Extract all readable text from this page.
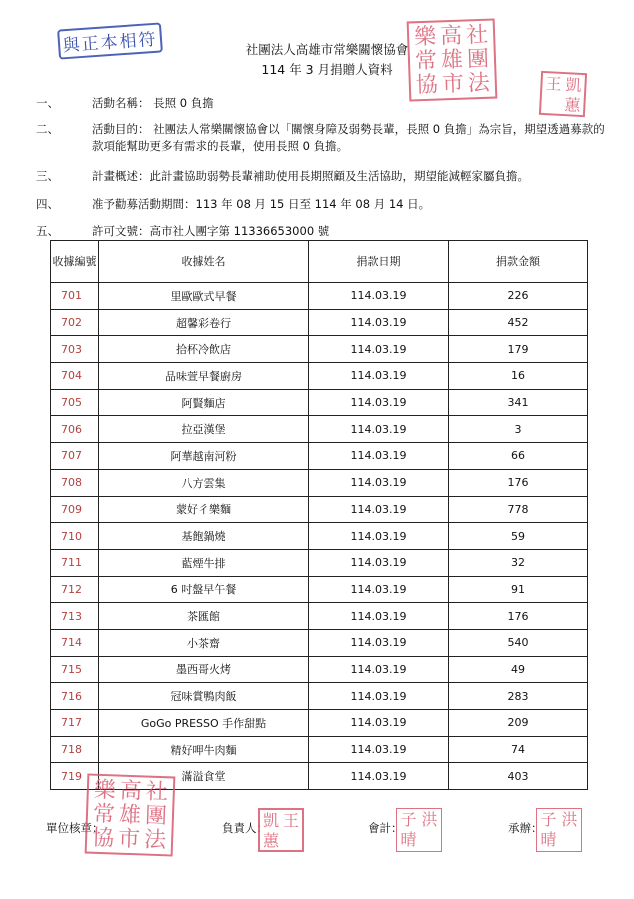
與正本相符	社團法人高雄市常樂關懷協會
114 年 3 月捐贈人資料
一、	活動名稱： 長照 0 負擔
二、	活動目的： 社團法人常樂關懷協會以「關懷身障及弱勢長輩，長照 0 負擔」為宗旨，期望透過募款的款項能幫助更多有需求的長輩，使用長照 0 負擔。
三、	計畫概述：此計畫協助弱勢長輩補助使用長期照顧及生活協助，期望能減輕家屬負擔。
四、	准予勸募活動期間：113 年 08 月 15 日至 114 年 08 月 14 日。
五、	許可文號：高市社人團字第 11336653000 號
收據編號	收據姓名	捐款日期	捐款金額
701	里歐歐式早餐	114.03.19	226
702	超馨彩卷行	114.03.19	452
703	拾杯冷飲店	114.03.19	179
704	品味萱早餐廚房	114.03.19	16
705	阿賢麵店	114.03.19	341
706	拉亞漢堡	114.03.19	3
707	阿華越南河粉	114.03.19	66
708	八方雲集	114.03.19	176
709	蒙好彳樂麵	114.03.19	778
710	基飽鍋燒	114.03.19	59
711	藍煙牛排	114.03.19	32
712	6 吋盤早午餐	114.03.19	91
713	茶匯館	114.03.19	176
714	小茶齋	114.03.19	540
715	墨西哥火烤	114.03.19	49
716	冠味賞鴨肉飯	114.03.19	283
717	GoGo PRESSO 手作甜點	114.03.19	209
718	精好呷牛肉麵	114.03.19	74
719	滿溢食堂	114.03.19	403
單位核章：	負責人：	會計：	承辦：
樂 高 社
常 雄 團
協 市 法	王 凱
蕙
樂 高 社
常 雄 團
協 市 法
凱 王
蕙
子 洪
晴
子 洪
晴
